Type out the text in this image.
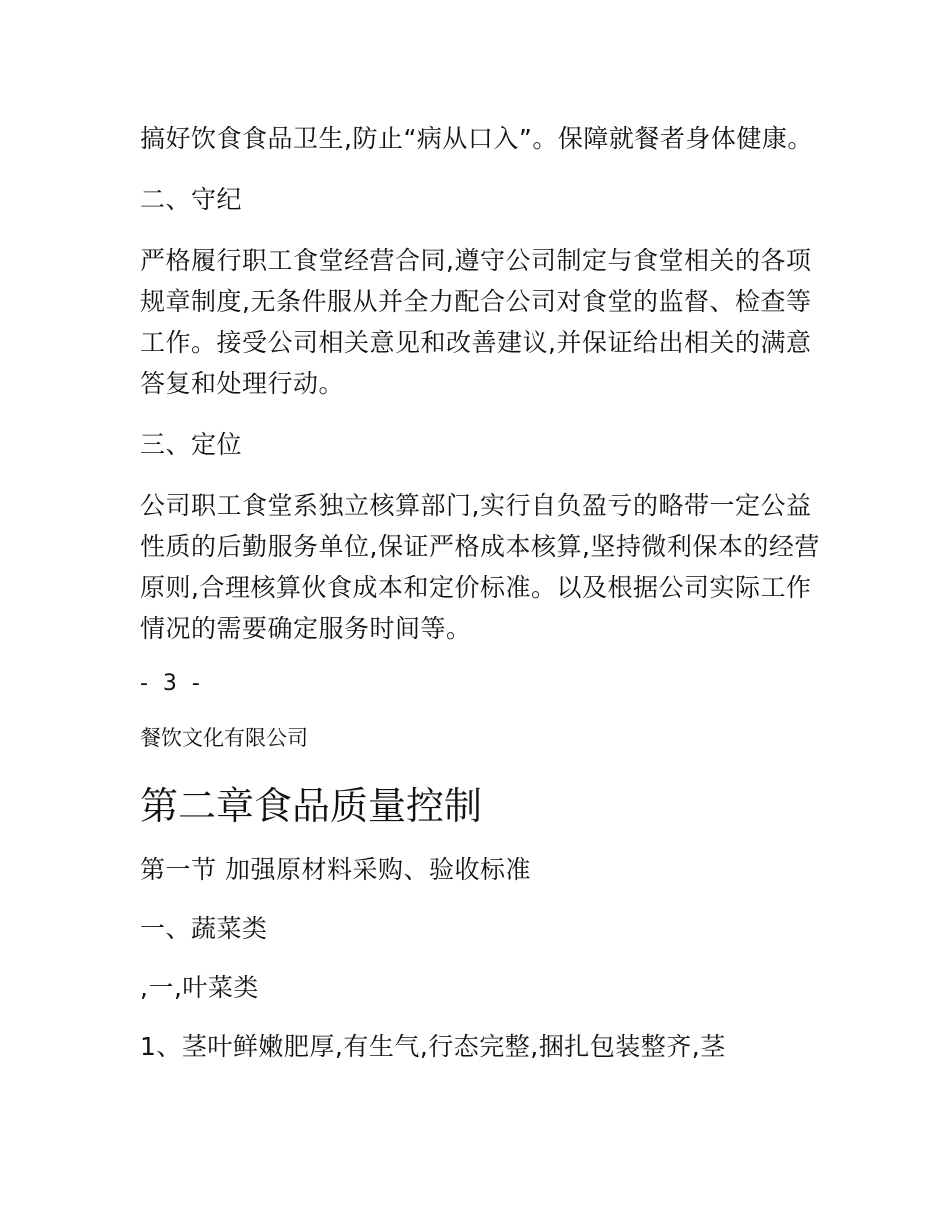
搞好饮食食品卫生,防止“病从口入”。保障就餐者身体健康。

二、守纪

严格履行职工食堂经营合同,遵守公司制定与食堂相关的各项规章制度,无条件服从并全力配合公司对食堂的监督、检查等工作。接受公司相关意见和改善建议,并保证给出相关的满意答复和处理行动。

三、定位

公司职工食堂系独立核算部门,实行自负盈亏的略带一定公益性质的后勤服务单位,保证严格成本核算,坚持微利保本的经营原则,合理核算伙食成本和定价标准。以及根据公司实际工作情况的需要确定服务时间等。

- 3 -

餐饮文化有限公司

第二章食品质量控制

第一节 加强原材料采购、验收标准

一、蔬菜类

,一,叶菜类

1、茎叶鲜嫩肥厚,有生气,行态完整,捆扎包装整齐,茎
